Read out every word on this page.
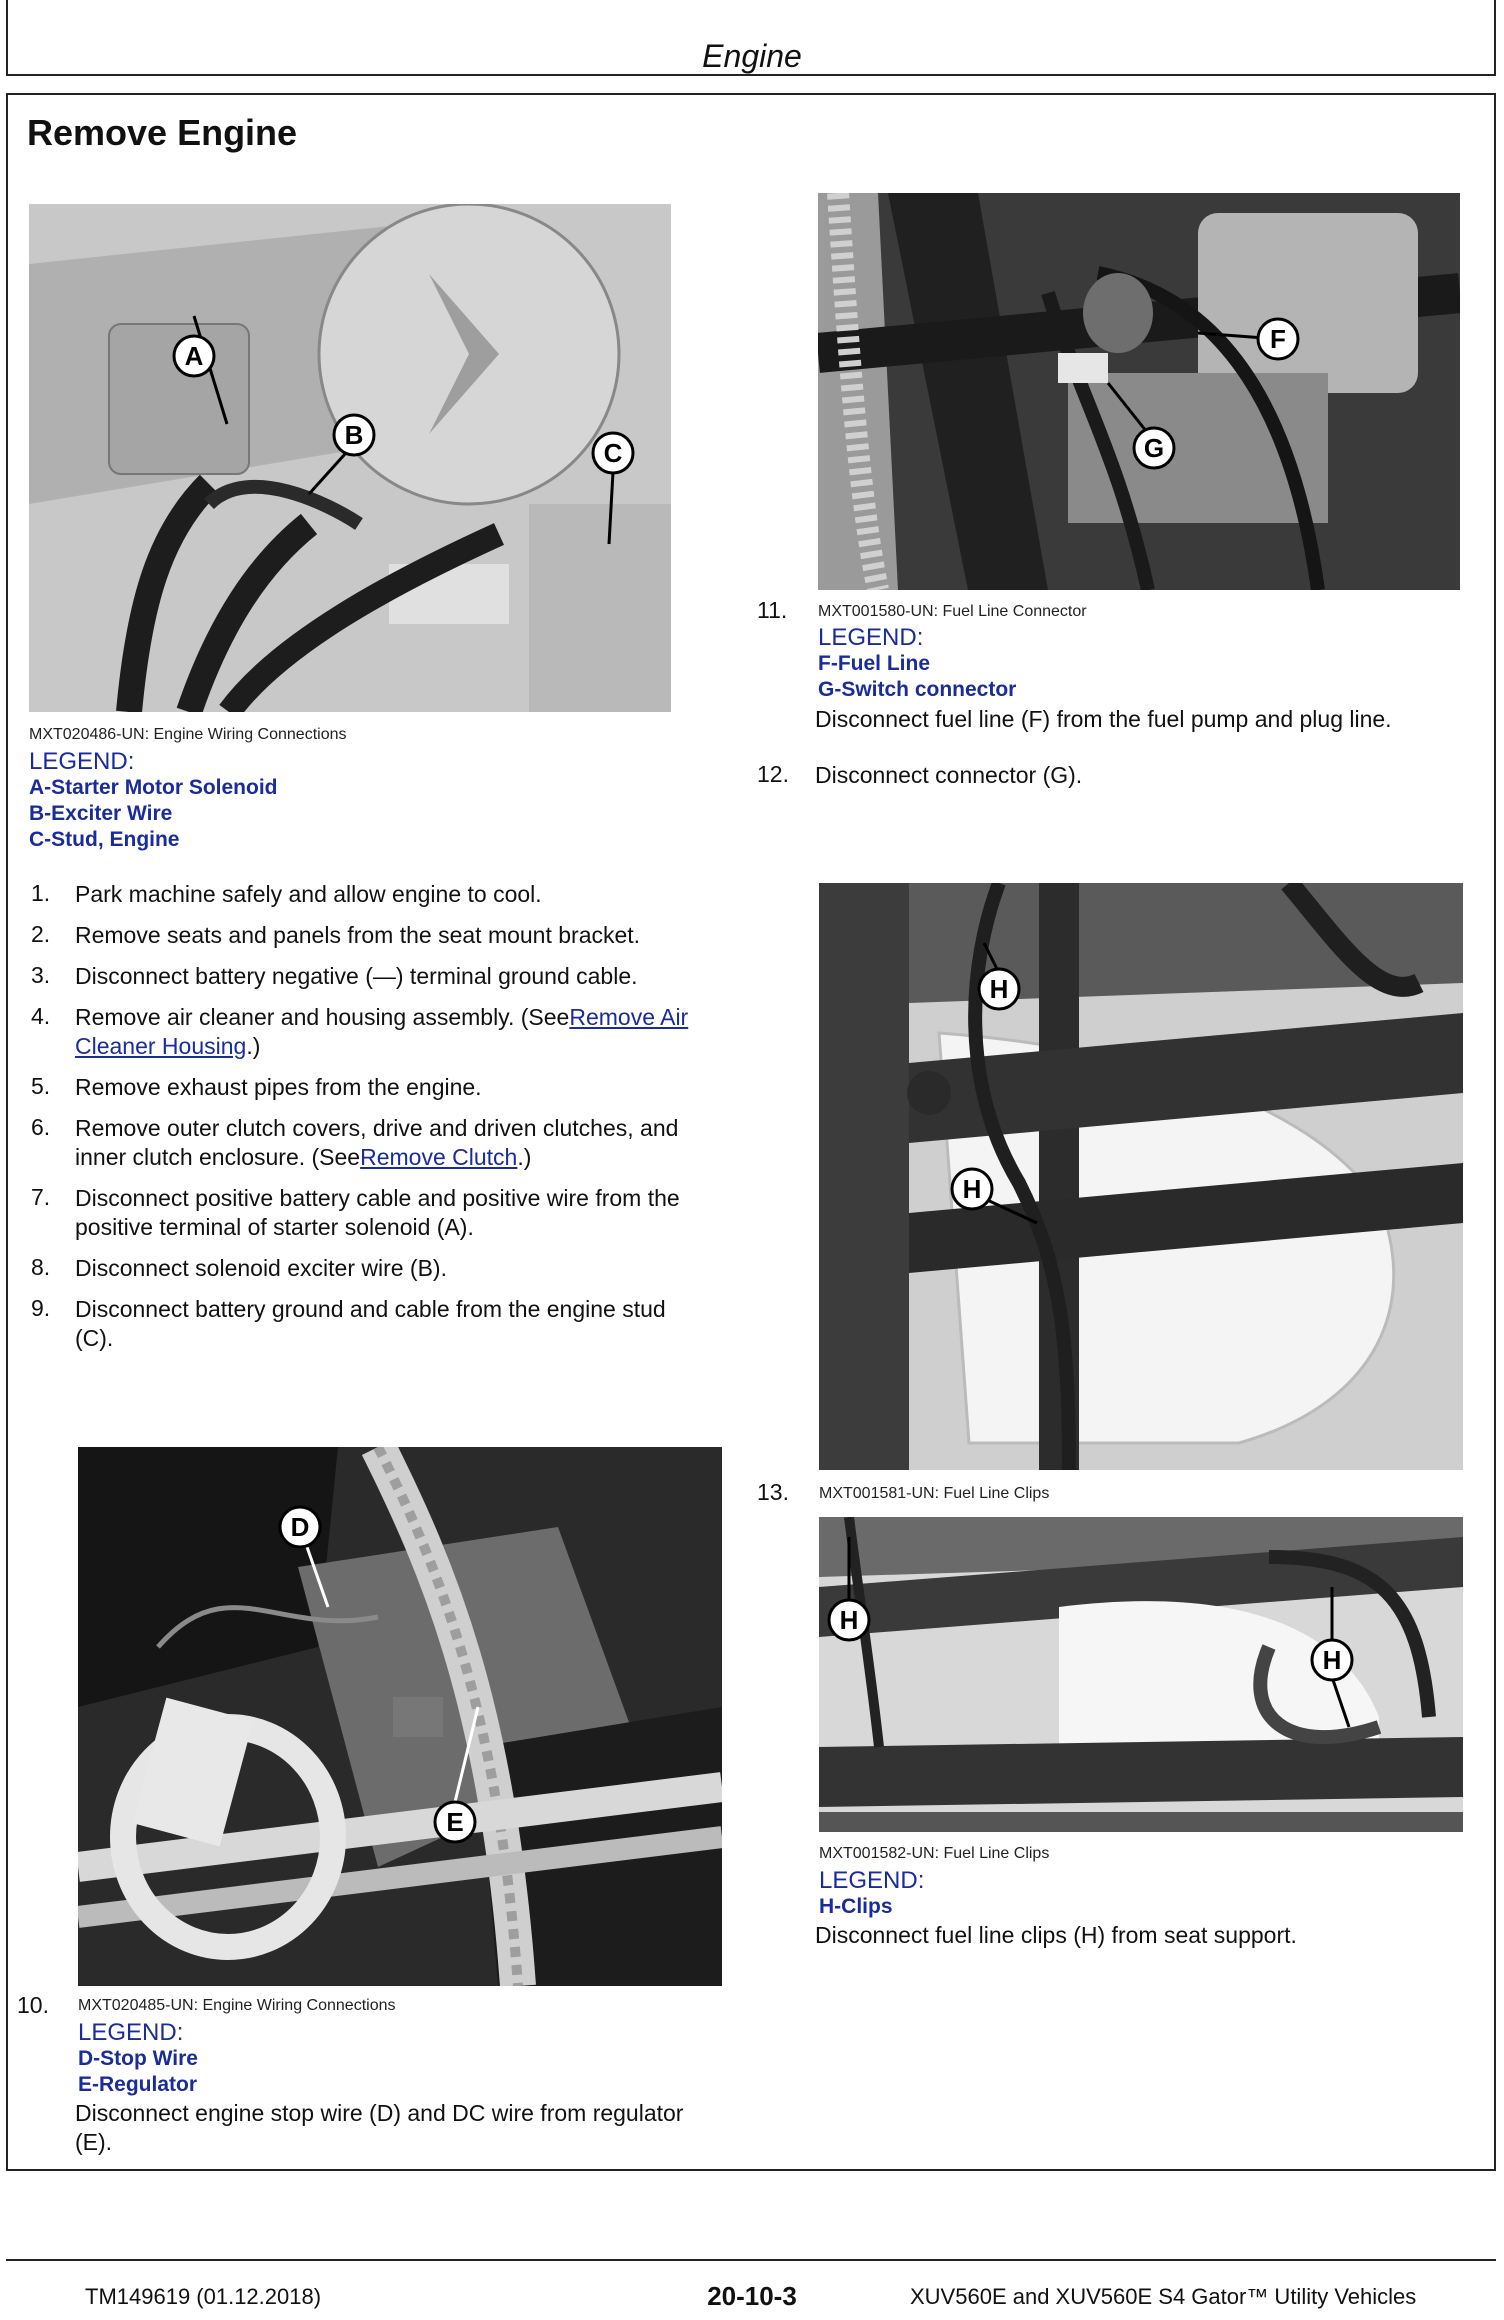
Engine
Remove Engine
A
B
C
MXT020486-UN: Engine Wiring Connections
LEGEND:
A-Starter Motor Solenoid
B-Exciter Wire
C-Stud, Engine
1. Park machine safely and allow engine to cool.
2. Remove seats and panels from the seat mount bracket.
3. Disconnect battery negative (—) terminal ground cable.
4. Remove air cleaner and housing assembly. (SeeRemove Air
Cleaner Housing.)
5. Remove exhaust pipes from the engine.
6. Remove outer clutch covers, drive and driven clutches, and
inner clutch enclosure. (SeeRemove Clutch.)
7. Disconnect positive battery cable and positive wire from the
positive terminal of starter solenoid (A).
8. Disconnect solenoid exciter wire (B).
9. Disconnect battery ground and cable from the engine stud
(C).
D
E
10. MXT020485-UN: Engine Wiring Connections
LEGEND:
D-Stop Wire
E-Regulator
Disconnect engine stop wire (D) and DC wire from regulator
(E).
F
G
11. MXT001580-UN: Fuel Line Connector
LEGEND:
F-Fuel Line
G-Switch connector
Disconnect fuel line (F) from the fuel pump and plug line.
12. Disconnect connector (G).
H
H
13. MXT001581-UN: Fuel Line Clips
H
H
MXT001582-UN: Fuel Line Clips
LEGEND:
H-Clips
Disconnect fuel line clips (H) from seat support.
TM149619 (01.12.2018)	20-10-3	XUV560E and XUV560E S4 Gator™ Utility Vehicles
